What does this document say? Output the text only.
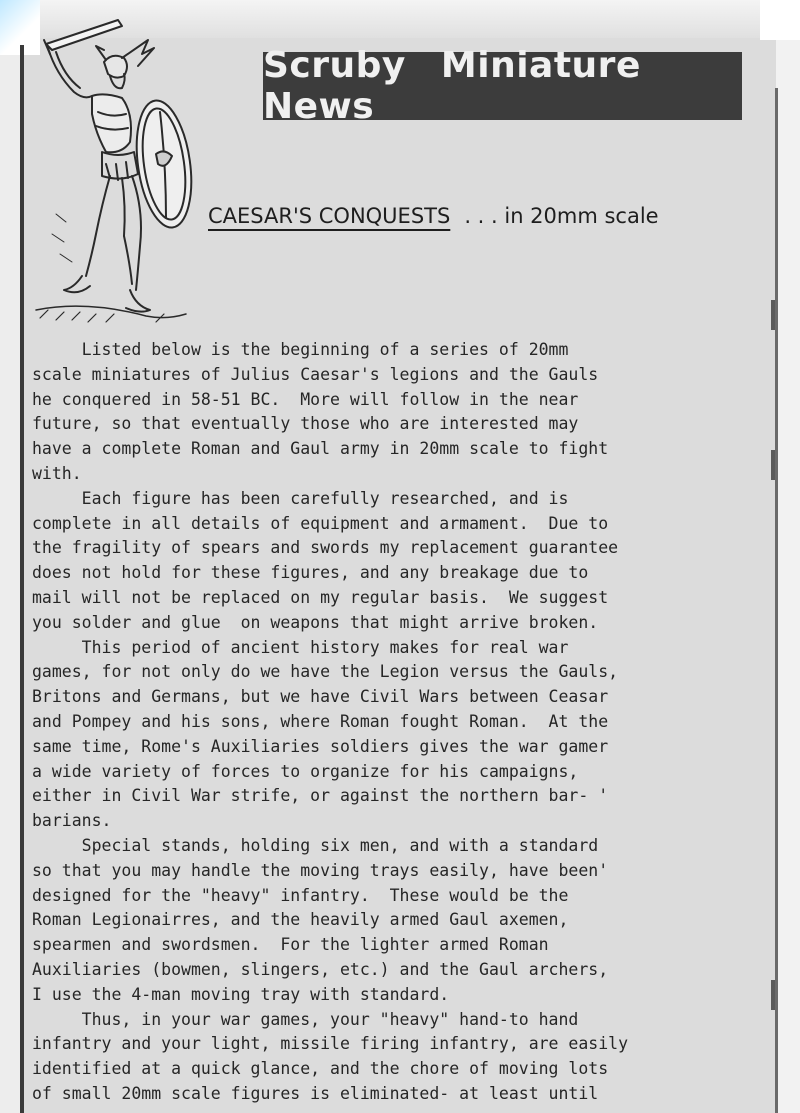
Scruby Miniature News
CAESAR'S CONQUESTS . . . in 20mm scale
Listed below is the beginning of a series of 20mm
scale miniatures of Julius Caesar's legions and the Gauls
he conquered in 58-51 BC.  More will follow in the near
future, so that eventually those who are interested may
have a complete Roman and Gaul army in 20mm scale to fight
with.
Each figure has been carefully researched, and is
complete in all details of equipment and armament.  Due to
the fragility of spears and swords my replacement guarantee
does not hold for these figures, and any breakage due to
mail will not be replaced on my regular basis.  We suggest
you solder and glue  on weapons that might arrive broken.
This period of ancient history makes for real war
games, for not only do we have the Legion versus the Gauls,
Britons and Germans, but we have Civil Wars between Ceasar
and Pompey and his sons, where Roman fought Roman.  At the
same time, Rome's Auxiliaries soldiers gives the war gamer
a wide variety of forces to organize for his campaigns,
either in Civil War strife, or against the northern bar- '
barians.
Special stands, holding six men, and with a standard
so that you may handle the moving trays easily, have been'
designed for the "heavy" infantry.  These would be the
Roman Legionairres, and the heavily armed Gaul axemen,
spearmen and swordsmen.  For the lighter armed Roman
Auxiliaries (bowmen, slingers, etc.) and the Gaul archers,
I use the 4-man moving tray with standard.
Thus, in your war games, your "heavy" hand-to hand
infantry and your light, missile firing infantry, are easily
identified at a quick glance, and the chore of moving lots
of small 20mm scale figures is eliminated- at least until
